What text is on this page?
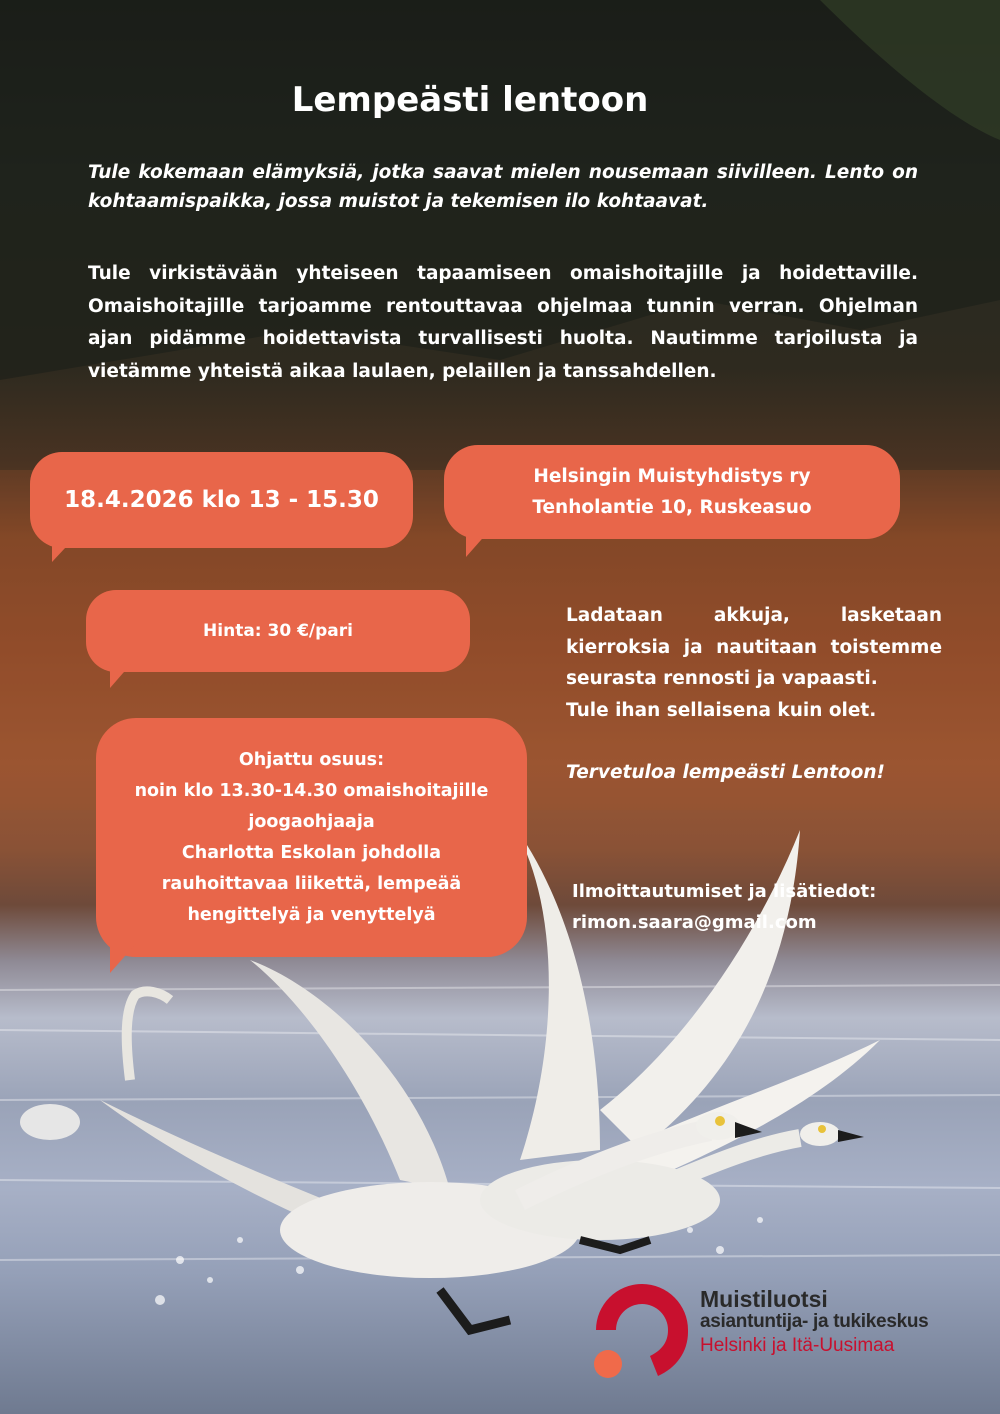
Lempeästi lentoon

Tule kokemaan elämyksiä, jotka saavat mielen nousemaan siivilleen. Lento on kohtaamispaikka, jossa muistot ja tekemisen ilo kohtaavat.

Tule virkistävään yhteiseen tapaamiseen omaishoitajille ja hoidettaville. Omaishoitajille tarjoamme rentouttavaa ohjelmaa tunnin verran. Ohjelman ajan pidämme hoidettavista turvallisesti huolta. Nautimme tarjoilusta ja vietämme yhteistä aikaa laulaen, pelaillen ja tanssahdellen.

18.4.2026 klo 13 - 15.30
Helsingin Muistyhdistys ry
Tenholantie 10, Ruskeasuo
Hinta: 30 €/pari
Ohjattu osuus:
noin klo 13.30-14.30 omaishoitajille
joogaohjaaja
Charlotta Eskolan johdolla
rauhoittavaa liikettä, lempeää
hengittelyä ja venyttelyä
Ladataan akkuja, lasketaan kierroksia ja nautitaan toistemme seurasta rennosti ja vapaasti.
Tule ihan sellaisena kuin olet.
Tervetuloa lempeästi Lentoon!
Ilmoittautumiset ja lisätiedot:
rimon.saara@gmail.com
Muistiluotsi
asiantuntija- ja tukikeskus
Helsinki ja Itä-Uusimaa
